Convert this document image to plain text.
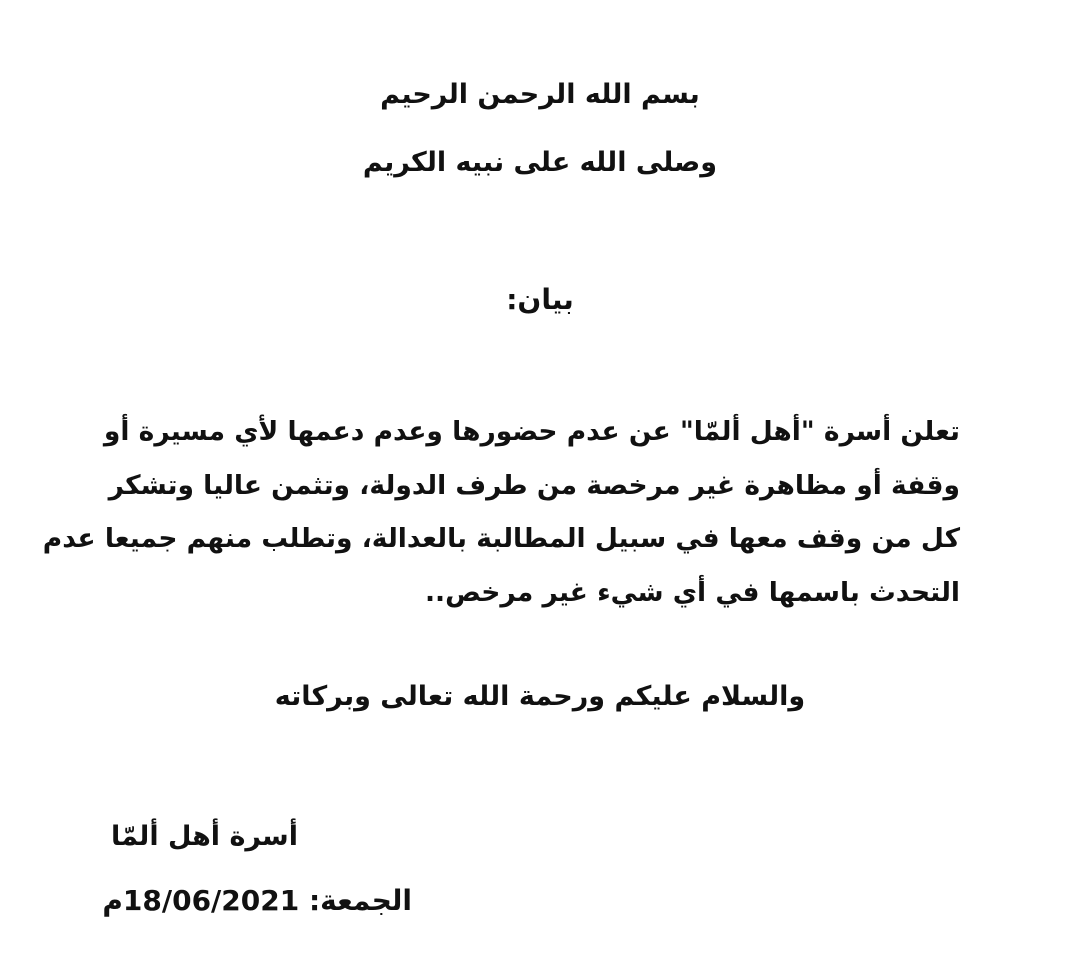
بسم الله الرحمن الرحيم
وصلى الله على نبيه الكريم
بيان:
تعلن أسرة "أهل ألمّا" عن عدم حضورها وعدم دعمها لأي مسيرة أو
وقفة أو مظاهرة غير مرخصة من طرف الدولة، وتثمن عاليا وتشكر
كل من وقف معها في سبيل المطالبة بالعدالة، وتطلب منهم جميعا عدم
التحدث باسمها في أي شيء غير مرخص..
والسلام عليكم ورحمة الله تعالى وبركاته
أسرة أهل ألمّا
الجمعة: 18/06/2021م
